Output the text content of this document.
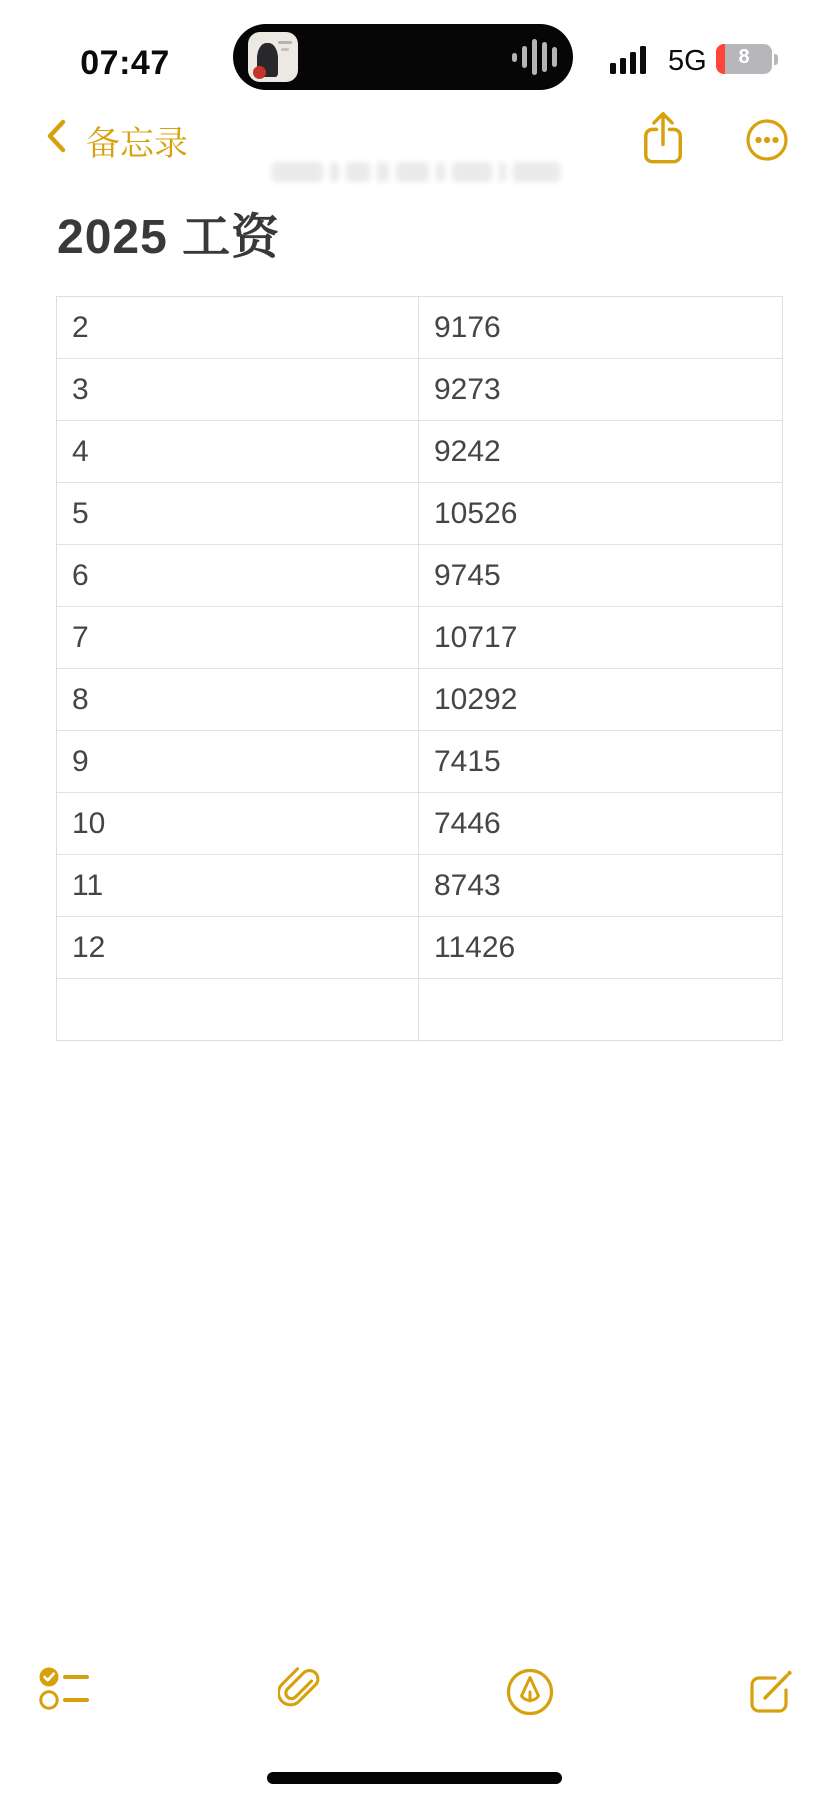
07:47	5G	8
备忘录
2025 工资
2	9176
3	9273
4	9242
5	10526
6	9745
7	10717
8	10292
9	7415
10	7446
11	8743
12	11426
